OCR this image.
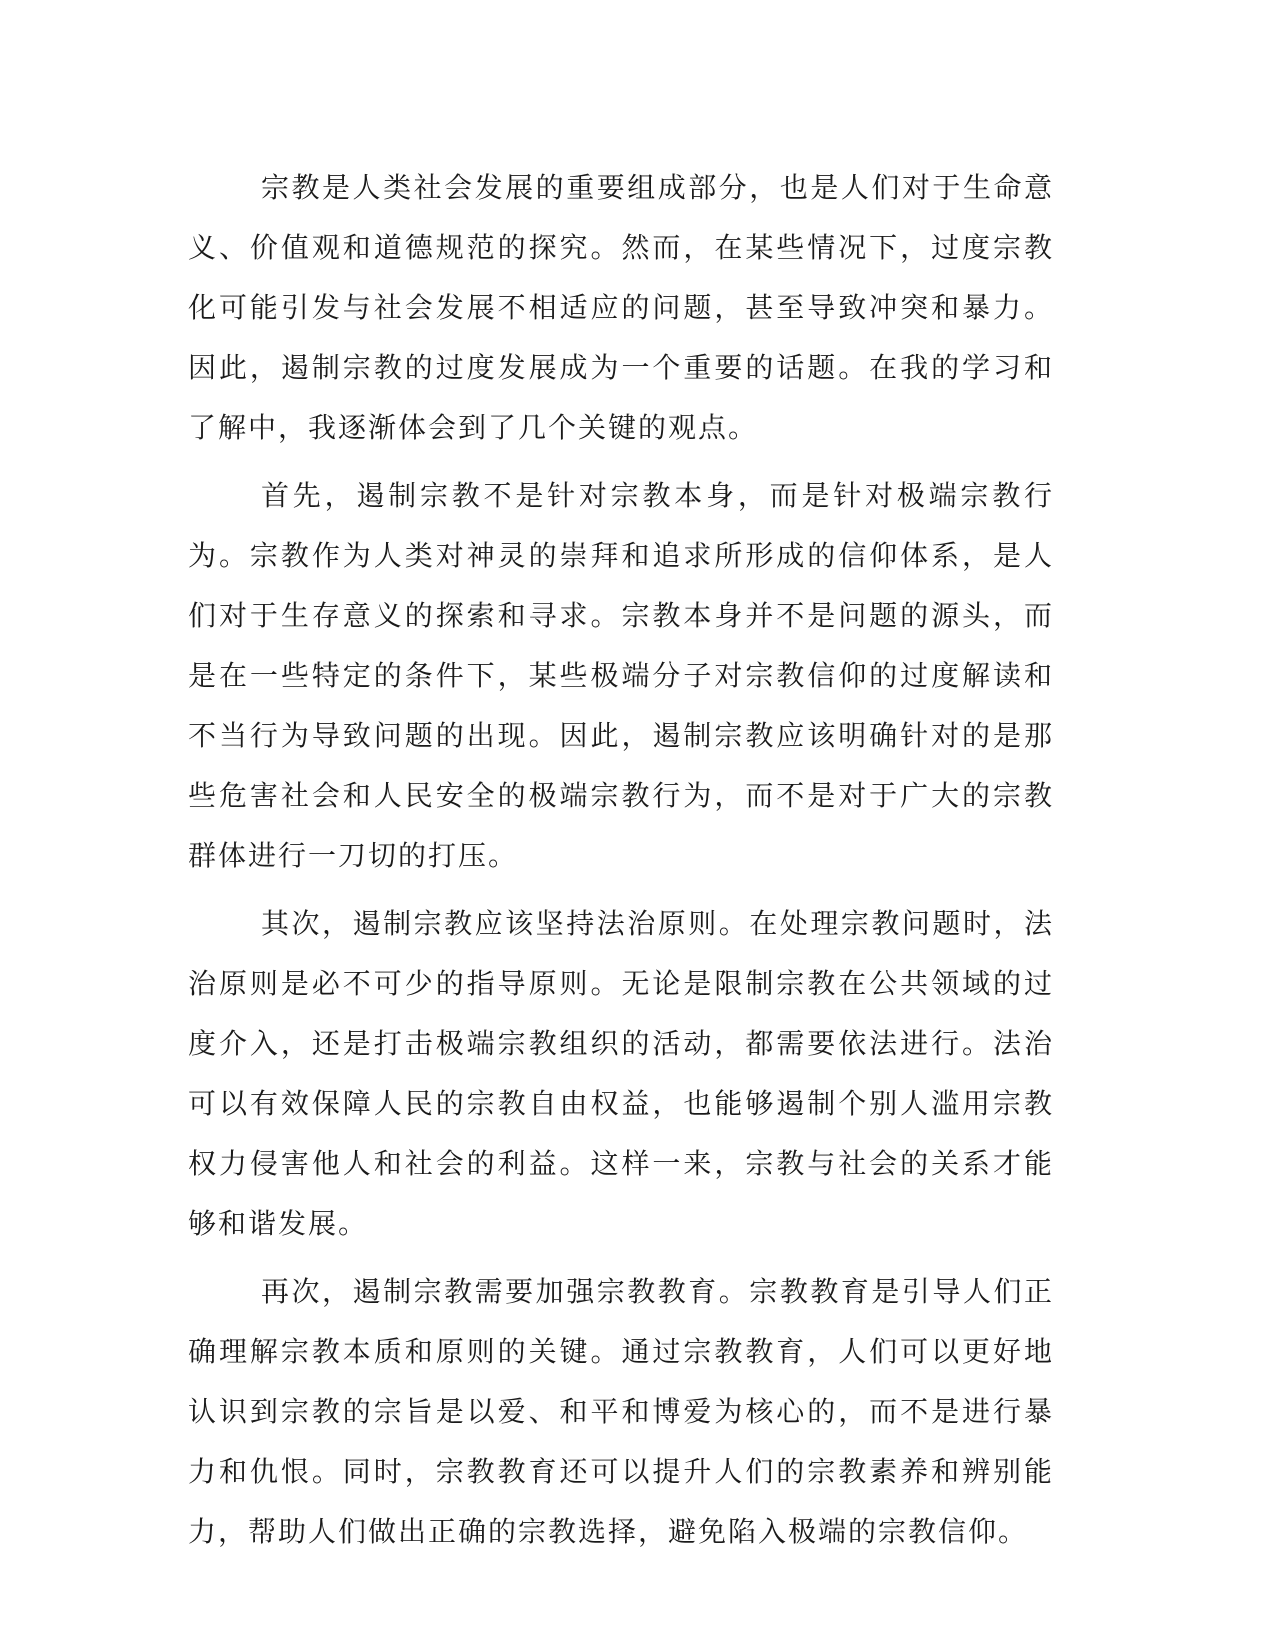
宗教是人类社会发展的重要组成部分，也是人们对于生命意义、价值观和道德规范的探究。然而，在某些情况下，过度宗教化可能引发与社会发展不相适应的问题，甚至导致冲突和暴力。因此，遏制宗教的过度发展成为一个重要的话题。在我的学习和了解中，我逐渐体会到了几个关键的观点。

首先，遏制宗教不是针对宗教本身，而是针对极端宗教行为。宗教作为人类对神灵的崇拜和追求所形成的信仰体系，是人们对于生存意义的探索和寻求。宗教本身并不是问题的源头，而是在一些特定的条件下，某些极端分子对宗教信仰的过度解读和不当行为导致问题的出现。因此，遏制宗教应该明确针对的是那些危害社会和人民安全的极端宗教行为，而不是对于广大的宗教群体进行一刀切的打压。

其次，遏制宗教应该坚持法治原则。在处理宗教问题时，法治原则是必不可少的指导原则。无论是限制宗教在公共领域的过度介入，还是打击极端宗教组织的活动，都需要依法进行。法治可以有效保障人民的宗教自由权益，也能够遏制个别人滥用宗教权力侵害他人和社会的利益。这样一来，宗教与社会的关系才能够和谐发展。

再次，遏制宗教需要加强宗教教育。宗教教育是引导人们正确理解宗教本质和原则的关键。通过宗教教育，人们可以更好地认识到宗教的宗旨是以爱、和平和博爱为核心的，而不是进行暴力和仇恨。同时，宗教教育还可以提升人们的宗教素养和辨别能力，帮助人们做出正确的宗教选择，避免陷入极端的宗教信仰。
